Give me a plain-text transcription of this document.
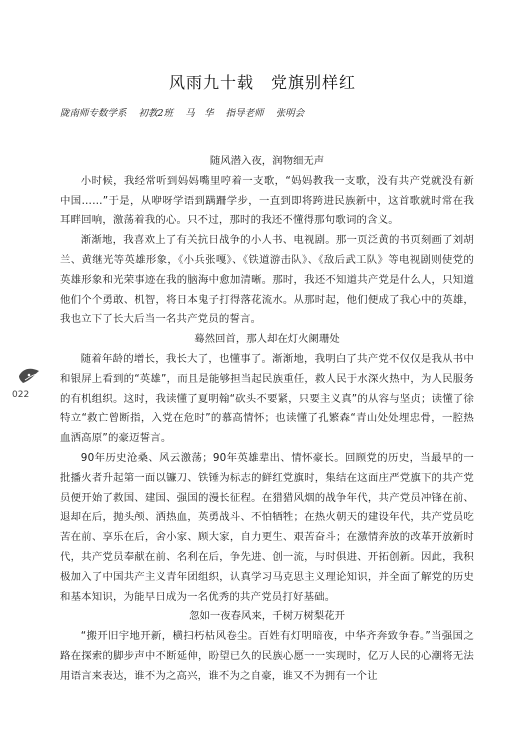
风雨九十载　党旗别样红
陇南师专数学系 初教2班 马　华 指导老师 张明会
随风潜入夜，润物细无声

小时候，我经常听到妈妈嘴里哼着一支歌，“妈妈教我一支歌，没有共产党就没有新中国……”于是，从咿呀学语到蹒跚学步，一直到即将跨进民族新中，这首歌就时常在我耳畔回响，激荡着我的心。只不过，那时的我还不懂得那句歌词的含义。

渐渐地，我喜欢上了有关抗日战争的小人书、电视剧。那一页泛黄的书页刻画了刘胡兰、黄继光等英雄形象，《小兵张嘎》、《铁道游击队》、《敌后武工队》等电视剧则使党的英雄形象和光荣事迹在我的脑海中愈加清晰。那时，我还不知道共产党是什么人，只知道他们个个勇敢、机智，将日本鬼子打得落花流水。从那时起，他们便成了我心中的英雄，我也立下了长大后当一名共产党员的誓言。

蓦然回首，那人却在灯火阑珊处

随着年龄的增长，我长大了，也懂事了。渐渐地，我明白了共产党不仅仅是我从书中和银屏上看到的“英雄”，而且是能够担当起民族重任，救人民于水深火热中，为人民服务的有机组织。这时，我读懂了夏明翰“砍头不要紧，只要主义真”的从容与坚贞；读懂了徐特立“救亡曾断指，入党在危时”的慕高情怀；也读懂了孔繁森“青山处处埋忠骨，一腔热血洒高原”的豪迈誓言。

90年历史沧桑、风云激荡；90年英雄辈出、情怀豪长。回顾党的历史，当最早的一批播火者升起第一面以镰刀、铁锤为标志的鲜红党旗时，集结在这面庄严党旗下的共产党员便开始了救国、建国、强国的漫长征程。在猎猎风烟的战争年代，共产党员冲锋在前、退却在后，抛头颅、洒热血，英勇战斗、不怕牺牲；在热火朝天的建设年代，共产党员吃苦在前、享乐在后，舍小家、顾大家，自力更生、艰苦奋斗；在激情奔放的改革开放新时代，共产党员奉献在前、名利在后，争先进、创一流，与时俱进、开拓创新。因此，我积极加入了中国共产主义青年团组织，认真学习马克思主义理论知识，并全面了解党的历史和基本知识，为能早日成为一名优秀的共产党员打好基础。

忽如一夜春风来，千树万树梨花开

“搬开旧宇地开新，横扫朽枯风卷尘。百姓有灯明暗夜，中华齐奔致争春。”当强国之路在探索的脚步声中不断延伸，盼望已久的民族心愿一一实现时，亿万人民的心潮将无法用语言来表达，谁不为之高兴，谁不为之自豪，谁又不为拥有一个让

022
